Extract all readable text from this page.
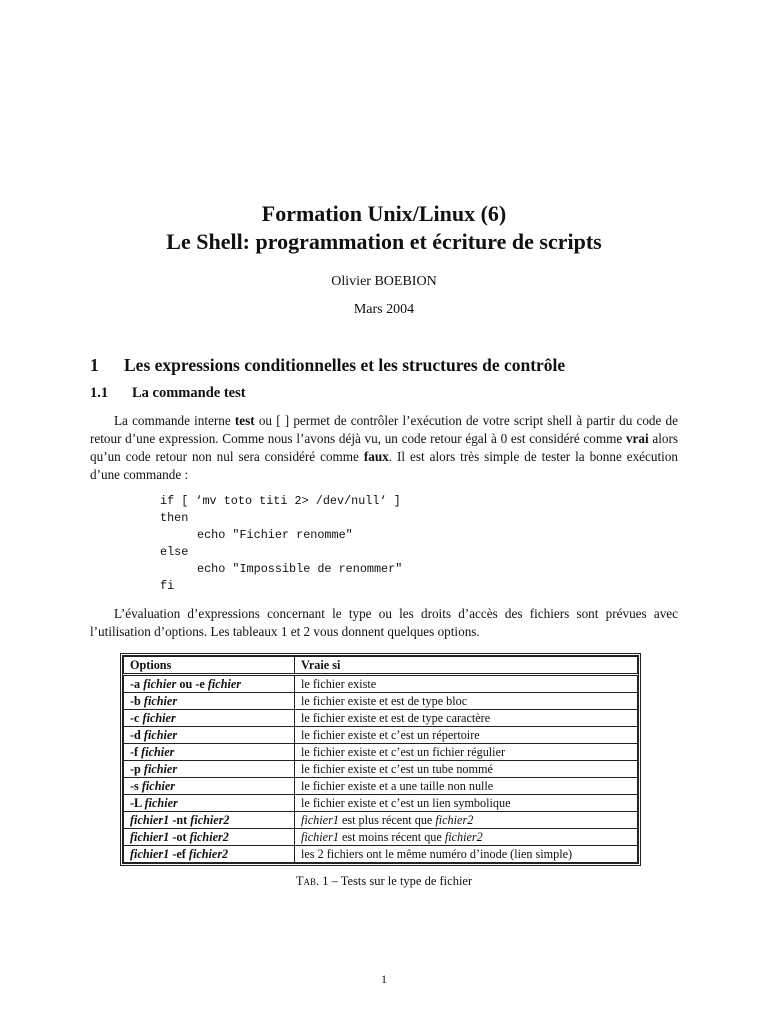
Formation Unix/Linux (6)
Le Shell: programmation et écriture de scripts
Olivier BOEBION
Mars 2004
1 Les expressions conditionnelles et les structures de contrôle
1.1 La commande test

La commande interne test ou [ ] permet de contrôler l’exécution de votre script shell à partir du code de retour d’une expression. Comme nous l’avons déjà vu, un code retour égal à 0 est considéré comme vrai alors qu’un code retour non nul sera considéré comme faux. Il est alors très simple de tester la bonne exécution d’une commande :

if [ ‘mv toto titi 2> /dev/null‘ ]
then
echo "Fichier renomme"
else
echo "Impossible de renommer"
fi

L’évaluation d’expressions concernant le type ou les droits d’accès des fichiers sont prévues avec l’utilisation d’options. Les tableaux 1 et 2 vous donnent quelques options.

Options	Vraie si
-a fichier ou -e fichier	le fichier existe
-b fichier	le fichier existe et est de type bloc
-c fichier	le fichier existe et est de type caractère
-d fichier	le fichier existe et c’est un répertoire
-f fichier	le fichier existe et c’est un fichier régulier
-p fichier	le fichier existe et c’est un tube nommé
-s fichier	le fichier existe et a une taille non nulle
-L fichier	le fichier existe et c’est un lien symbolique
fichier1 -nt fichier2	fichier1 est plus récent que fichier2
fichier1 -ot fichier2	fichier1 est moins récent que fichier2
fichier1 -ef fichier2	les 2 fichiers ont le même numéro d’inode (lien simple)
Tab. 1 – Tests sur le type de fichier
1
